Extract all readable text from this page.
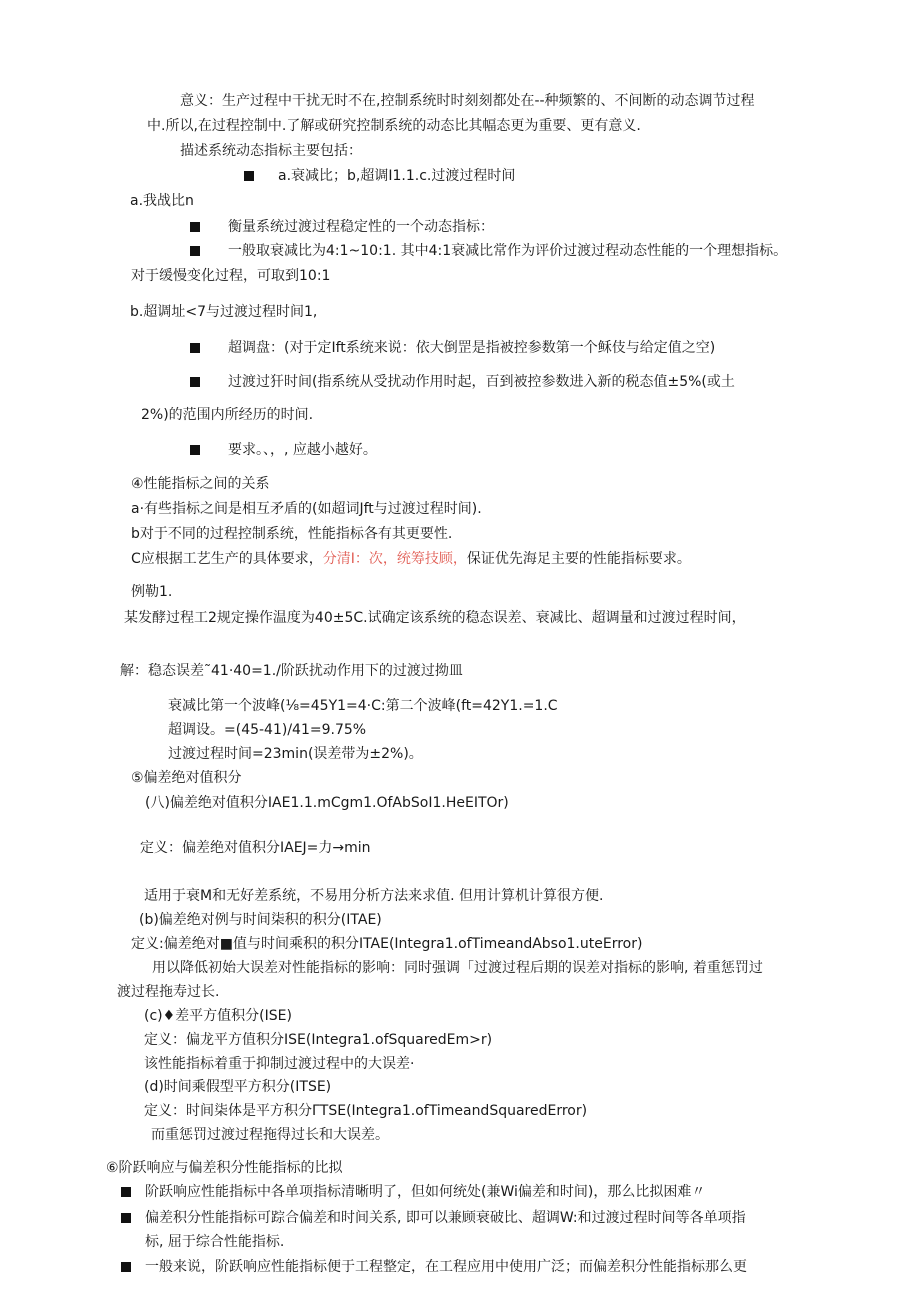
意义：生产过程中干扰无时不在,控制系统时时刻刻都处在--种频繁的、不间断的动态调节过程
中.所以,在过程控制中.了解或研究控制系统的动态比其幅态更为重要、更有意义.
描述系统动态指标主要包括：
a.衰减比；b,超调I1.1.c.过渡过程时间
a.我战比n
衡量系统过渡过程稳定性的一个动态指标：
一般取衰减比为4:1~10:1. 其中4:1衰减比常作为评价过渡过程动态性能的一个理想指标。
对于缓慢变化过程，可取到10:1
b.超调址<7与过渡过程时间1,
超调盘：(对于定Ift系统来说：依大倒罡是指被控参数第一个稣伎与给定值之空)
过渡过犴时间(指系统从受扰动作用时起，百到被控参数进入新的税态值±5%(或土
2%)的范围内所经历的时间.
要求。、，, 应越小越好。
④性能指标之间的关系
a·有些指标之间是相互矛盾的(如超词Jft与过渡过程时间).
b对于不同的过程控制系统，性能指标各有其更要性.
C应根据工艺生产的具体要求，分清I：次，统筹技顾，保证优先海足主要的性能指标要求。
例勒1.
某发酵过程工2规定操作温度为40±5C.试确定该系统的稳态误差、衰减比、超调量和过渡过程时间，
解：稳态误差˜41·40=1./阶跃扰动作用下的过渡过拗皿
衰减比第一个波峰(⅛=45Y1=4·C:第二个波峰(ft=42Y1.=1.C
超调设。=(45-41)/41=9.75%
过渡过程时间=23min(误差带为±2%)。
⑤偏差绝对值积分
(八)偏差绝对值积分IAE1.1.mCgm1.OfAbSoI1.HeEITOr)
定义：偏差绝对值积分IAEJ=力→min
适用于衰M和无好差系统，不易用分析方法来求值. 但用计算机计算很方便.
(b)偏差绝对例与时间柒积的积分(ITAE)
定义:偏差绝对■值与时间乘积的积分ITAE(Integra1.ofTimeandAbso1.uteError)
用以降低初始大误差对性能指标的影响：同时强调「过渡过程后期的误差对指标的影响, 着重惩罚过
渡过程拖寿过长.
(c)♦差平方值积分(ISE)
定义：偏龙平方值积分ISE(Integra1.ofSquaredEm>r)
该性能指标着重于抑制过渡过程中的大误差·
(d)时间乘假型平方积分(ITSE)
定义：时间柒体是平方积分ΓTSE(Integra1.ofTimeandSquaredError)
而重惩罚过渡过程拖得过长和大误差。
⑥阶跃响应与偏差积分性能指标的比拟
阶跃响应性能指标中各单项指标清晰明了，但如何统处(兼Wi偏差和时间)，那么比拟困难〃
偏差积分性能指标可踪合偏差和时间关系, 即可以兼顾衰破比、超调W:和过渡过程时间等各单项指
标, 屈于综合性能指标.
一般来说，阶跃响应性能指标便于工程整定，在工程应用中使用广泛；而偏差积分性能指标那么更
